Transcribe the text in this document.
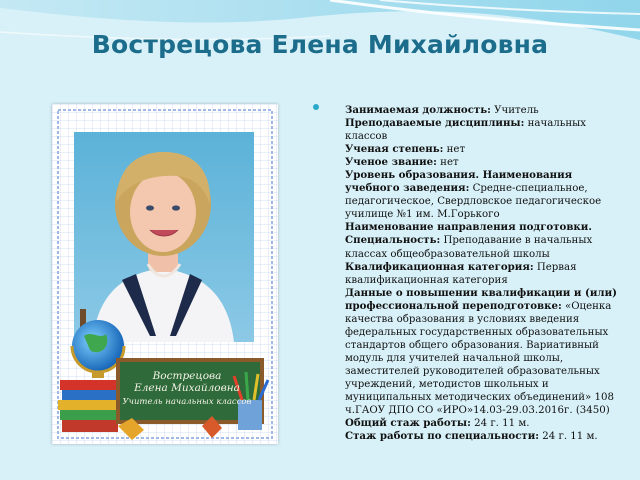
Вострецова Елена Михайловна
Вострецова
Елена Михайловна
Учитель начальных классов

Занимаемая должность: Учитель

Преподаваемые дисциплины: начальных классов

Ученая степень: нет

Ученое звание: нет

Уровень образования. Наименования учебного заведения: Средне-специальное, педагогическое, Свердловское педагогическое училище №1 им. М.Горького

Наименование направления подготовки.

Специальность: Преподавание в начальных классах общеобразовательной школы

Квалификационная категория: Первая квалификационная категория

Данные о повышении квалификации и (или) профессиональной переподготовке: «Оценка качества образования в условиях введения федеральных государственных образовательных стандартов общего образования. Вариативный модуль для учителей начальной школы, заместителей руководителей образовательных учреждений, методистов школьных и муниципальных методических объединений» 108 ч.ГАОУ ДПО СО «ИРО»14.03-29.03.2016г. (3450)

Общий стаж работы: 24 г. 11 м.

Стаж работы по специальности: 24 г. 11 м.
